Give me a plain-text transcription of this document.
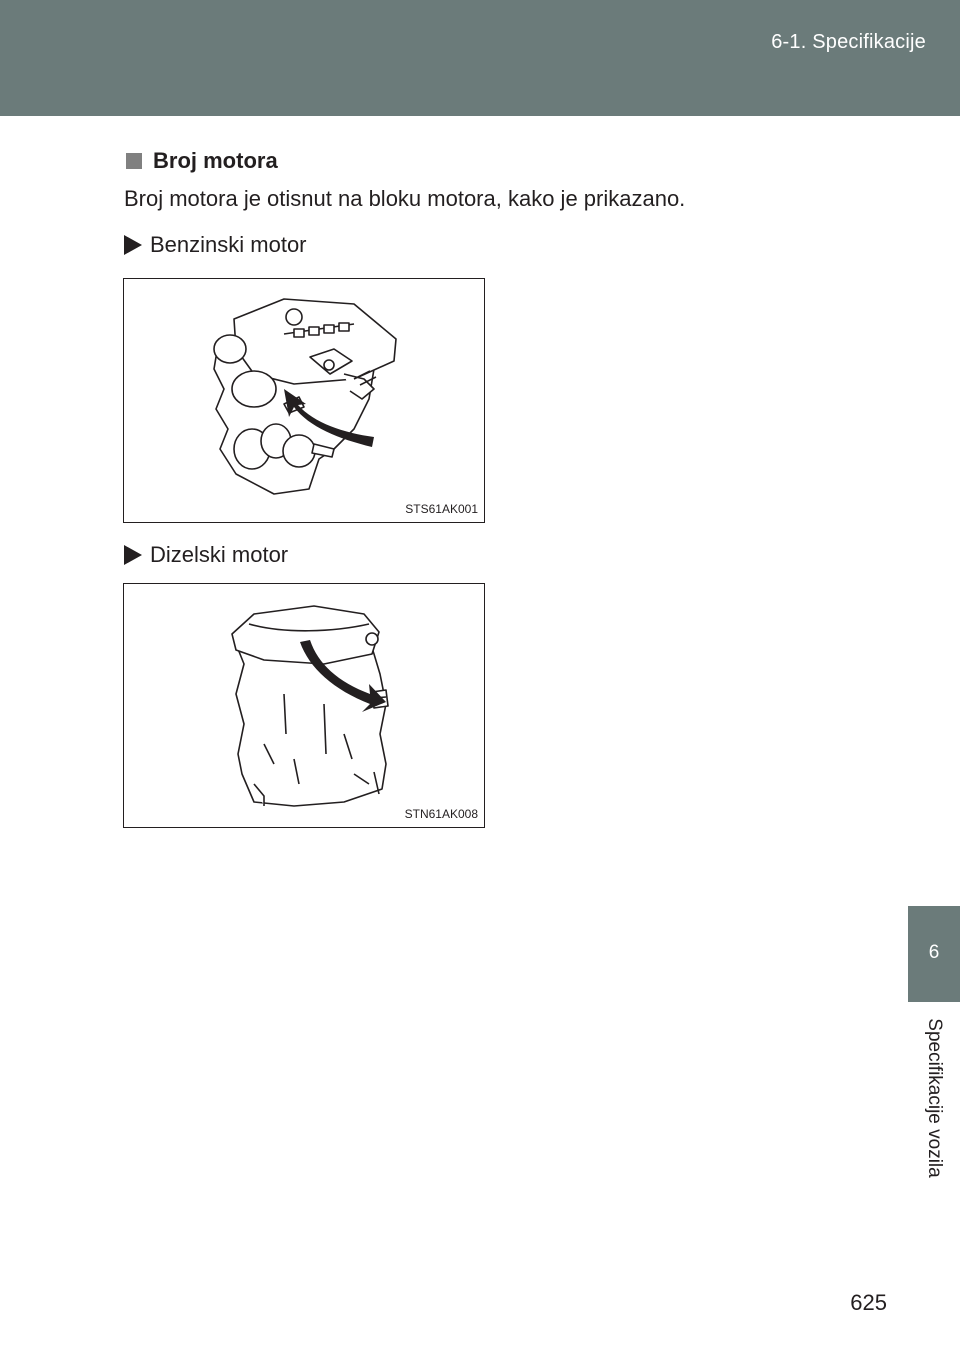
6-1. Specifikacije
6
Specifikacije vozila
Broj motora
Broj motora je otisnut na bloku motora, kako je prikazano.
Benzinski motor
STS61AK001
Dizelski motor
STN61AK008
625
